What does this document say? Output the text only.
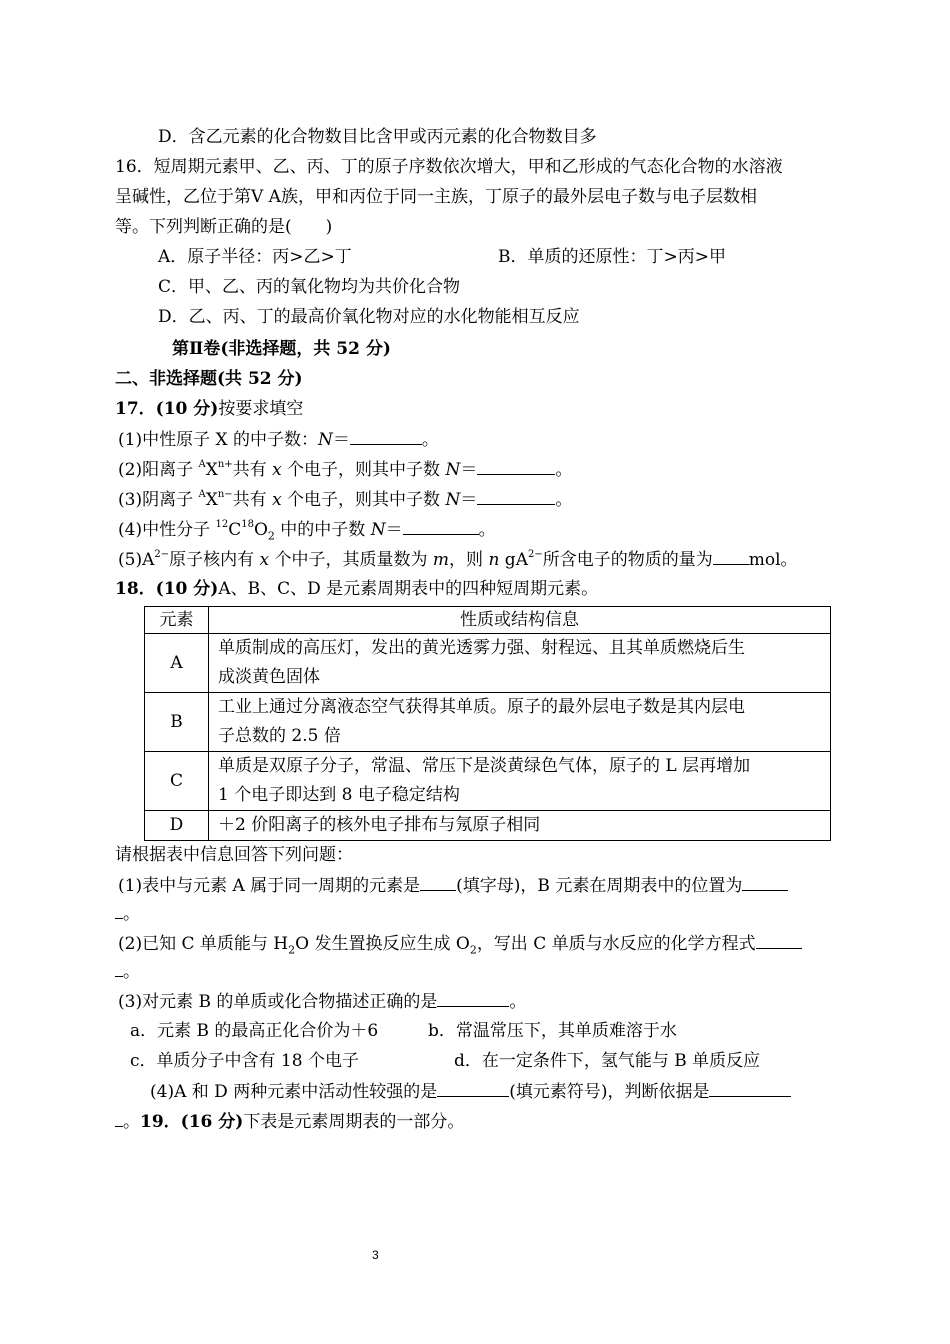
D．含乙元素的化合物数目比含甲或丙元素的化合物数目多
16．短周期元素甲、乙、丙、丁的原子序数依次增大，甲和乙形成的气态化合物的水溶液
呈碱性，乙位于第Ⅴ A族，甲和丙位于同一主族，丁原子的最外层电子数与电子层数相
等。下列判断正确的是(　　)
A．原子半径：丙>乙>丁	B．单质的还原性：丁>丙>甲
C．甲、乙、丙的氧化物均为共价化合物
D．乙、丙、丁的最高价氧化物对应的水化物能相互反应
第Ⅱ卷(非选择题，共 52 分)
二、非选择题(共 52 分)
17．(10 分)按要求填空
(1)中性原子 X 的中子数：N＝	。
(2)阳离子 $^AX^{n+}$共有 x 个电子，则其中子数 N＝	。
(3)阴离子 $^AX^{n-}$共有 x 个电子，则其中子数 N＝	。
(4)中性分子 $^{12}C^{18}O_2$ 中的中子数 N＝	。
$(5)A^{2-}$原子核内有 x 个中子，其质量数为 m，则 n $gA^{2-}$所含电子的物质的量为 mol。
18．(10 分)A、B、C、D 是元素周期表中的四种短周期元素。
元素	性质或结构信息
A	单质制成的高压灯，发出的黄光透雾力强、射程远、且其单质燃烧后生
成淡黄色固体
B	工业上通过分离液态空气获得其单质。原子的最外层电子数是其内层电
子总数的 2.5 倍
C	单质是双原子分子，常温、常压下是淡黄绿色气体，原子的 L 层再增加
1 个电子即达到 8 电子稳定结构
D	＋2 价阳离子的核外电子排布与氖原子相同
请根据表中信息回答下列问题：
(1)表中与元素 A 属于同一周期的元素是 (填字母)，B 元素在周期表中的位置为
。
(2)已知 C 单质能与 $H_2O$ 发生置换反应生成 $O_2$，写出 C 单质与水反应的化学方程式
。
(3)对元素 B 的单质或化合物描述正确的是	。
a．元素 B 的最高正化合价为＋6	b．常温常压下，其单质难溶于水
c．单质分子中含有 18 个电子	d．在一定条件下，氢气能与 B 单质反应
(4)A 和 D 两种元素中活动性较强的是	(填元素符号)，判断依据是
。19．(16 分)下表是元素周期表的一部分。
3
